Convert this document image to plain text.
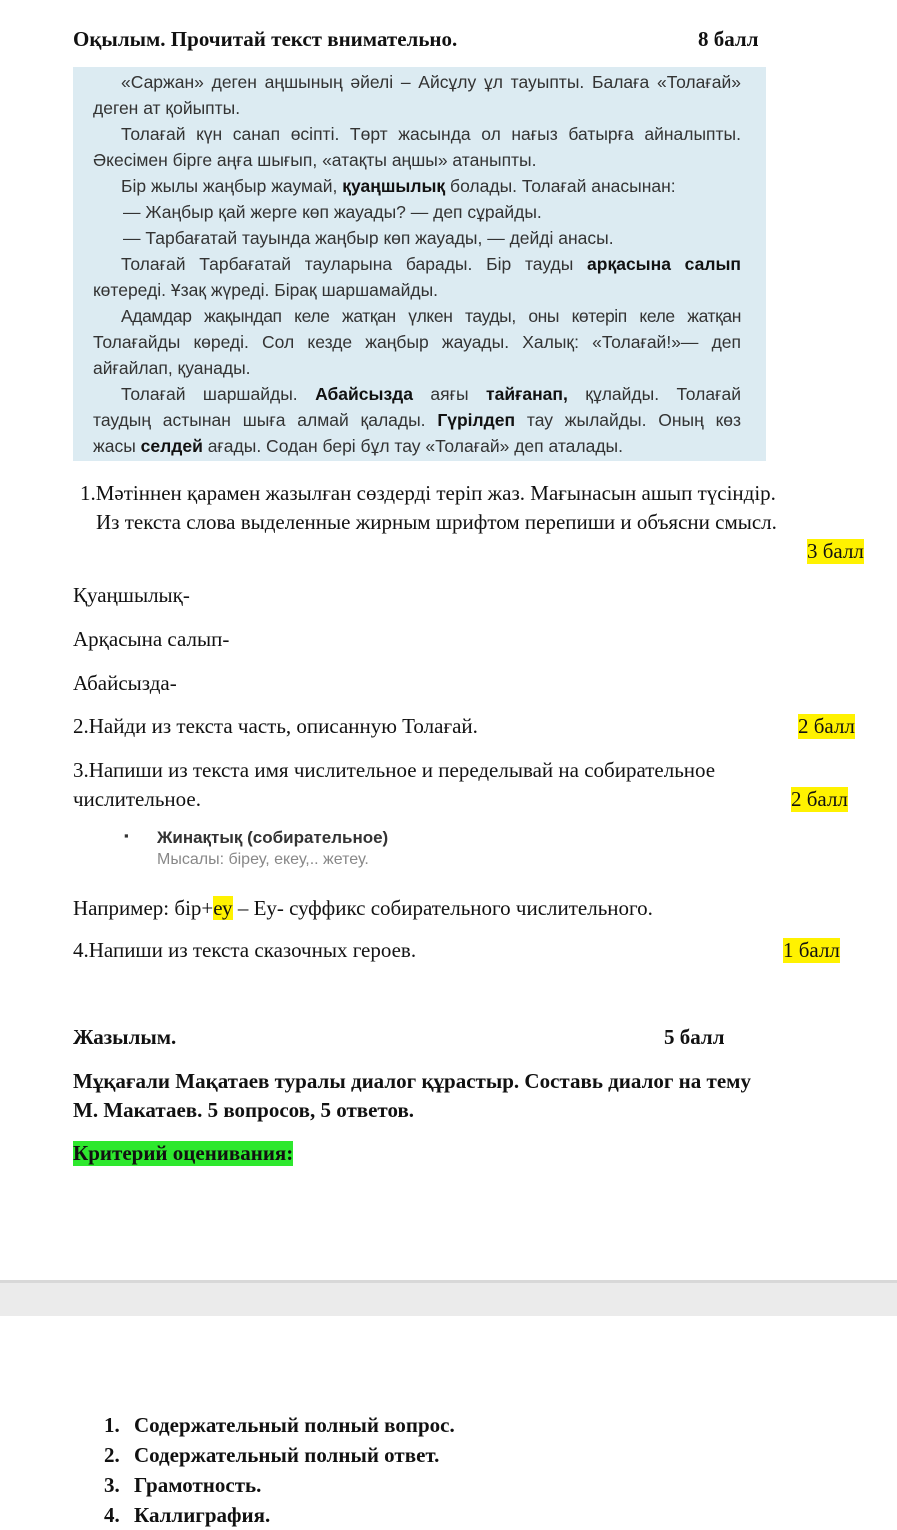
Оқылым. Прочитай текст внимательно.	8 балл

«Саржан» деген аңшының әйелі – Айсұлу ұл тауыпты. Балаға «Толағай»

деген ат қойыпты.

Толағай күн санап өсіпті. Төрт жасында ол нағыз батырға айналыпты.

Әкесімен бірге аңға шығып, «атақты аңшы» атаныпты.

Бір жылы жаңбыр жаумай, қуаңшылық болады. Толағай анасынан:

— Жаңбыр қай жерге көп жауады? — деп сұрайды.

— Тарбағатай тауында жаңбыр көп жауады, — дейді анасы.

Толағай Тарбағатай тауларына барады. Бір тауды арқасына салып

көтереді. Ұзақ жүреді. Бірақ шаршамайды.

Адамдар жақындап келе жатқан үлкен тауды, оны көтеріп келе жатқан

Толағайды көреді. Сол кезде жаңбыр жауады. Халық: «Толағай!»— деп

айғайлап, қуанады.

Толағай шаршайды. Абайсызда аяғы тайғанап, құлайды. Толағай

таудың астынан шыға алмай қалады. Гүрілдеп тау жылайды. Оның көз

жасы селдей ағады. Содан бері бұл тау «Толағай» деп аталады.

1.Мәтіннен қарамен жазылған сөздерді теріп жаз. Мағынасын ашып түсіндір.
Из текста слова выделенные жирным шрифтом перепиши и объясни смысл.
3 балл
Қуаңшылық-
Арқасына салып-
Абайсызда-
2.Найди из текста часть, описанную Толағай.	2 балл
3.Напиши из текста имя числительное и переделывай на собирательное
числительное.	2 балл
▪ Жинақтық (собирательное)
Мысалы: біреу, екеу,.. жетеу.
Например: бір+еу – Еу- суффикс собирательного числительного.
4.Напиши из текста сказочных героев.	1 балл
Жазылым.	5 балл
Мұқағали Мақатаев туралы диалог құрастыр. Составь диалог на тему
М. Макатаев. 5 вопросов, 5 ответов.
Критерий оценивания:
1. Содержательный полный вопрос.
2. Содержательный полный ответ.
3. Грамотность.
4. Каллиграфия.
